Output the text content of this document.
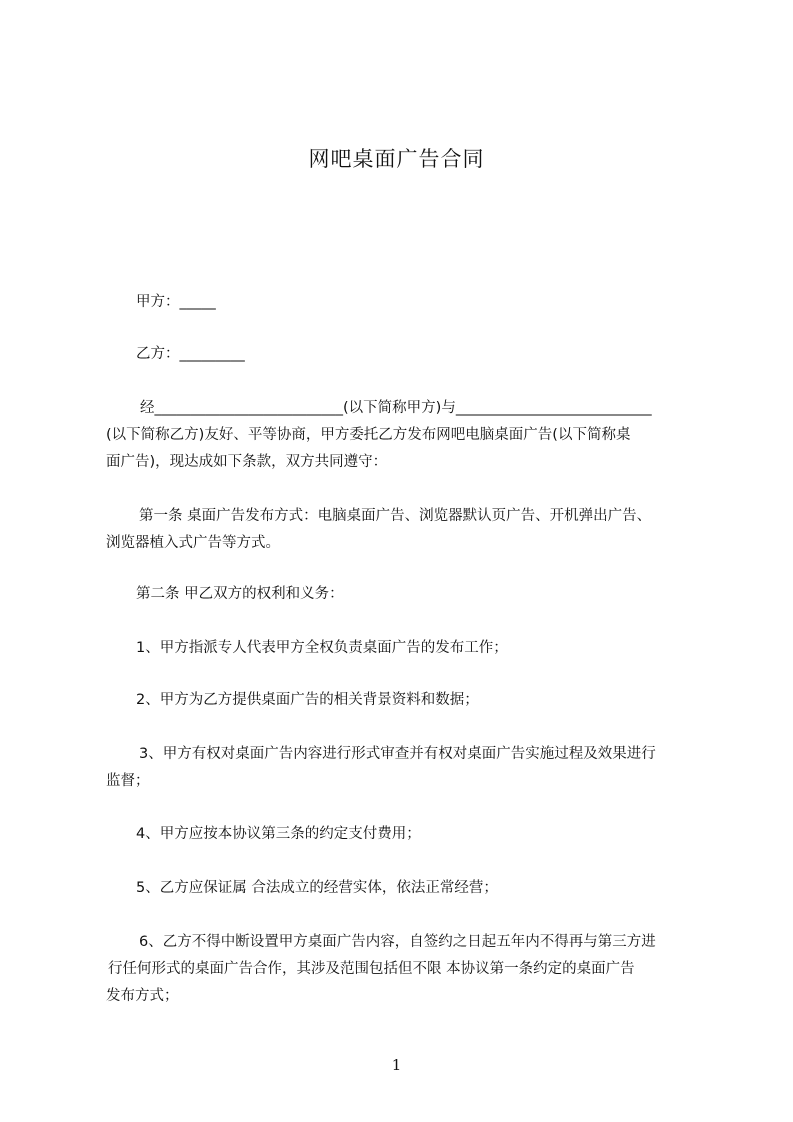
网吧桌面广告合同
甲方：_____
乙方：_________
经__________________________(以下简称甲方)与___________________________
(以下简称乙方)友好、平等协商，甲方委托乙方发布网吧电脑桌面广告(以下简称桌
面广告)，现达成如下条款，双方共同遵守：
第一条 桌面广告发布方式：电脑桌面广告、浏览器默认页广告、开机弹出广告、
浏览器植入式广告等方式。
第二条 甲乙双方的权利和义务：
1、甲方指派专人代表甲方全权负责桌面广告的发布工作；
2、甲方为乙方提供桌面广告的相关背景资料和数据；
3、甲方有权对桌面广告内容进行形式审查并有权对桌面广告实施过程及效果进行
监督；
4、甲方应按本协议第三条的约定支付费用；
5、乙方应保证属 合法成立的经营实体，依法正常经营；
6、乙方不得中断设置甲方桌面广告内容，自签约之日起五年内不得再与第三方进
行任何形式的桌面广告合作，其涉及范围包括但不限 本协议第一条约定的桌面广告
发布方式；
1
